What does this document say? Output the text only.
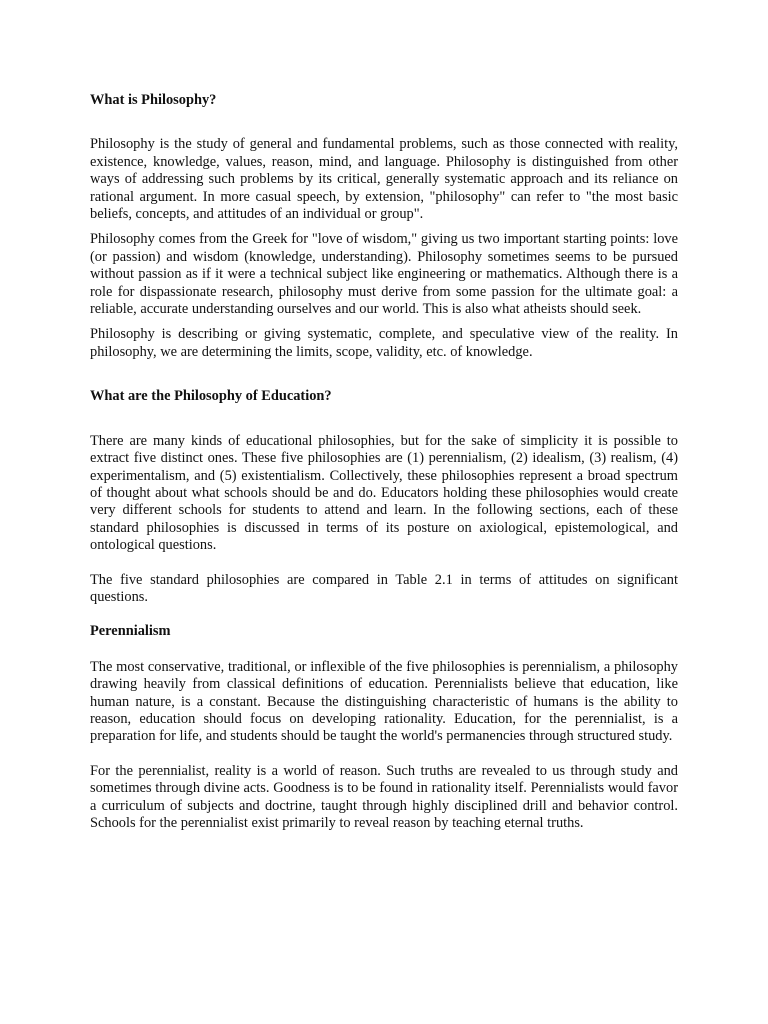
What is Philosophy?

Philosophy is the study of general and fundamental problems, such as those connected with reality, existence, knowledge, values, reason, mind, and language. Philosophy is distinguished from other ways of addressing such problems by its critical, generally systematic approach and its reliance on rational argument. In more casual speech, by extension, "philosophy" can refer to "the most basic beliefs, concepts, and attitudes of an individual or group".

Philosophy comes from the Greek for "love of wisdom," giving us two important starting points: love (or passion) and wisdom (knowledge, understanding). Philosophy sometimes seems to be pursued without passion as if it were a technical subject like engineering or mathematics. Although there is a role for dispassionate research, philosophy must derive from some passion for the ultimate goal: a reliable, accurate understanding ourselves and our world. This is also what atheists should seek.

Philosophy is describing or giving systematic, complete, and speculative view of the reality. In philosophy, we are determining the limits, scope, validity, etc. of knowledge.

What are the Philosophy of Education?

There are many kinds of educational philosophies, but for the sake of simplicity it is possible to extract five distinct ones. These five philosophies are (1) perennialism, (2) idealism, (3) realism, (4) experimentalism, and (5) existentialism. Collectively, these philosophies represent a broad spectrum of thought about what schools should be and do. Educators holding these philosophies would create very different schools for students to attend and learn. In the following sections, each of these standard philosophies is discussed in terms of its posture on axiological, epistemological, and ontological questions.

The five standard philosophies are compared in Table 2.1 in terms of attitudes on significant questions.

Perennialism

The most conservative, traditional, or inflexible of the five philosophies is perennialism, a philosophy drawing heavily from classical definitions of education. Perennialists believe that education, like human nature, is a constant. Because the distinguishing characteristic of humans is the ability to reason, education should focus on developing rationality. Education, for the perennialist, is a preparation for life, and students should be taught the world's permanencies through structured study.

For the perennialist, reality is a world of reason. Such truths are revealed to us through study and sometimes through divine acts. Goodness is to be found in rationality itself. Perennialists would favor a curriculum of subjects and doctrine, taught through highly disciplined drill and behavior control. Schools for the perennialist exist primarily to reveal reason by teaching eternal truths.
